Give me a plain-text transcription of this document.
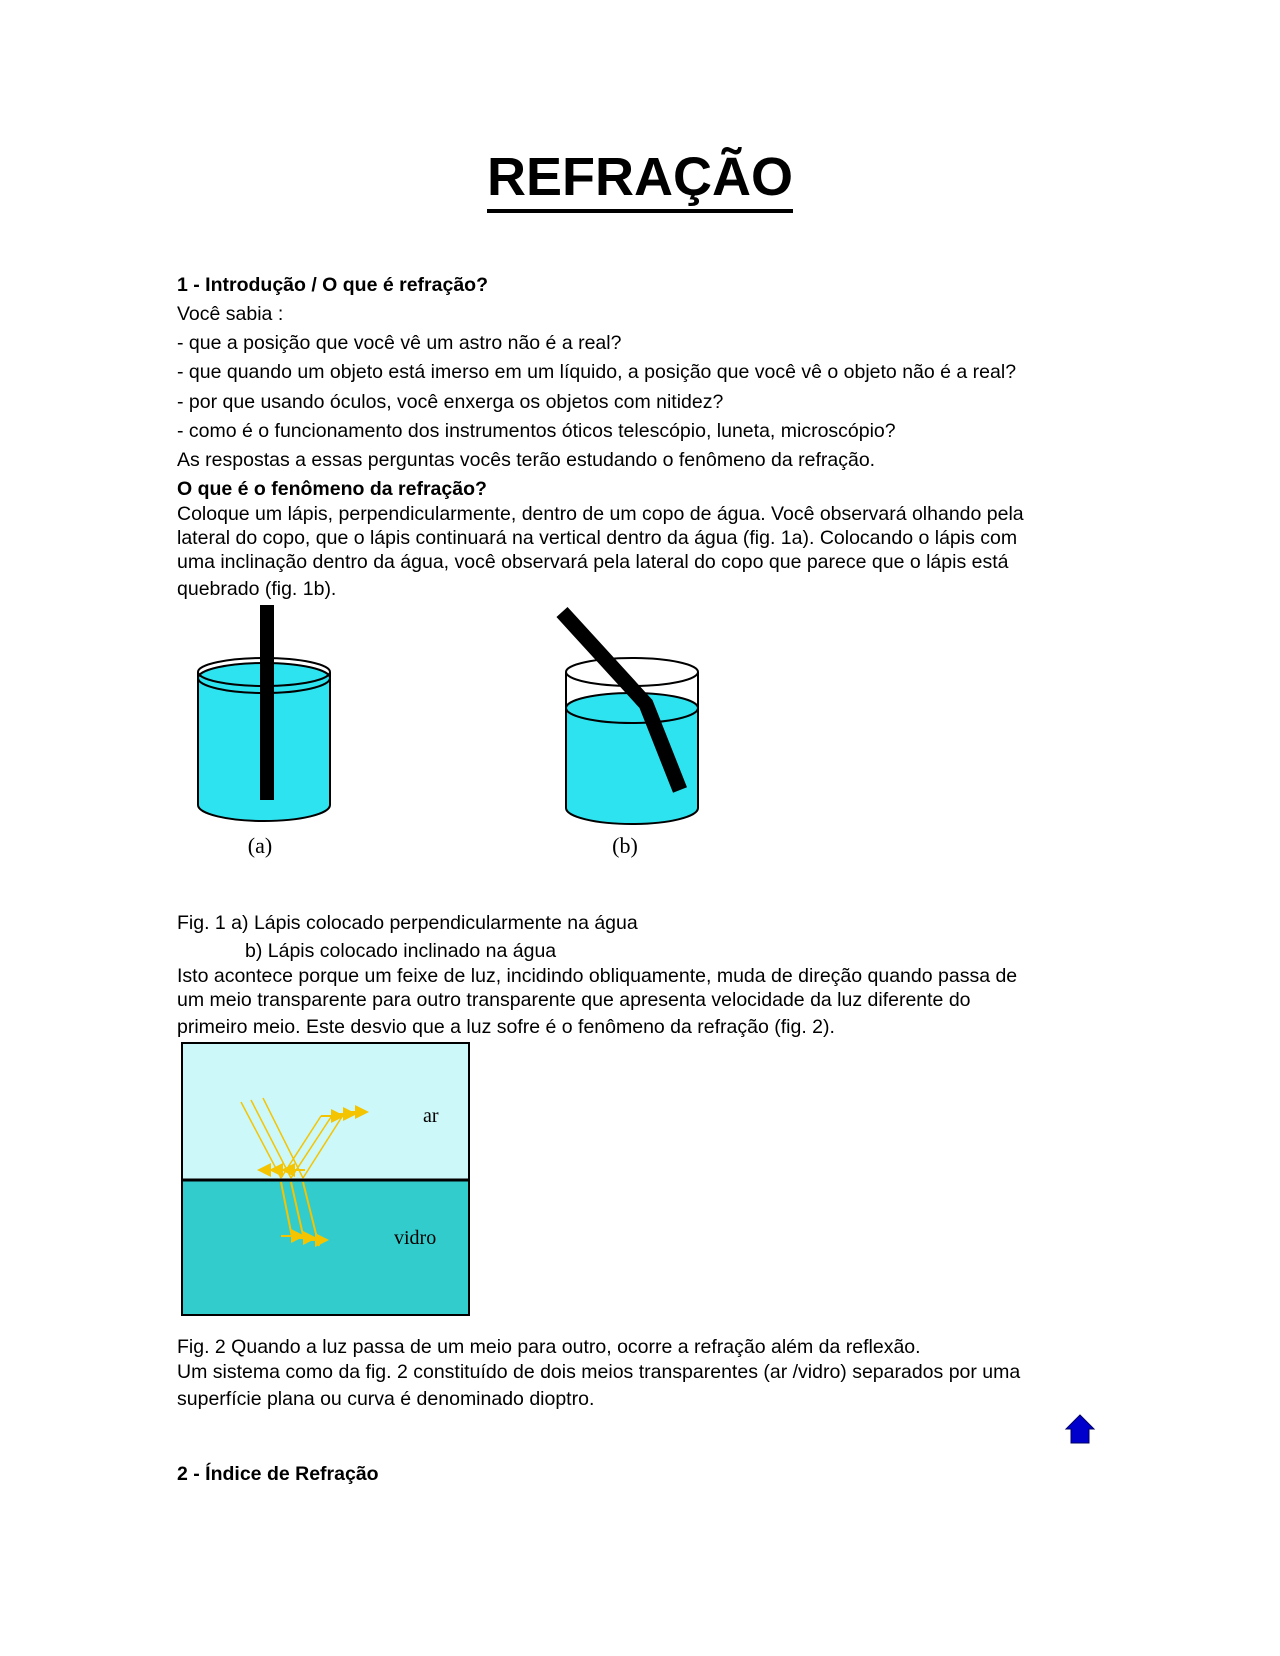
REFRAÇÃO
1 - Introdução / O que é refração?
Você sabia :
- que a posição que você vê um astro não é a real?
- que quando um objeto está imerso em um líquido, a posição que você vê o objeto não é a real?
- por que usando óculos, você enxerga os objetos com nitidez?
- como é o funcionamento dos instrumentos óticos telescópio, luneta, microscópio?
As respostas a essas perguntas vocês terão estudando o fenômeno da refração.
O que é o fenômeno da refração?
Coloque um lápis, perpendicularmente, dentro de um copo de água. Você observará olhando pela
lateral do copo, que o lápis continuará na vertical dentro da água (fig. 1a). Colocando o lápis com
uma inclinação dentro da água, você observará pela lateral do copo que parece que o lápis está
quebrado (fig. 1b).
(a)	(b)
Fig. 1 a) Lápis colocado perpendicularmente na água
b) Lápis colocado inclinado na água
Isto acontece porque um feixe de luz, incidindo obliquamente, muda de direção quando passa de
um meio transparente para outro transparente que apresenta velocidade da luz diferente do
primeiro meio. Este desvio que a luz sofre é o fenômeno da refração (fig. 2).
ar
vidro
Fig. 2 Quando a luz passa de um meio para outro, ocorre a refração além da reflexão.
Um sistema como da fig. 2 constituído de dois meios transparentes (ar /vidro) separados por uma
superfície plana ou curva é denominado dioptro.
2 - Índice de Refração
